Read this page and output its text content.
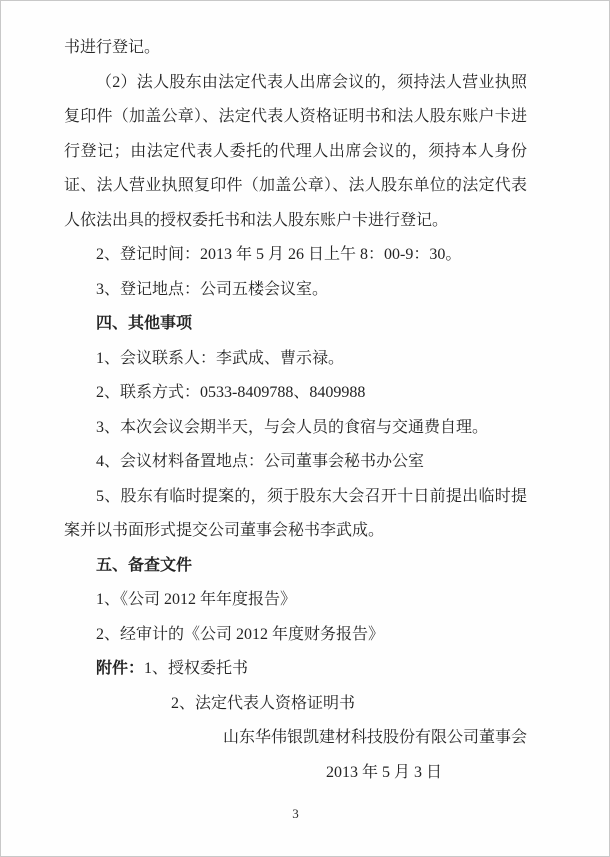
书进行登记。

（2）法人股东由法定代表人出席会议的，须持法人营业执照复印件（加盖公章）、法定代表人资格证明书和法人股东账户卡进行登记；由法定代表人委托的代理人出席会议的，须持本人身份证、法人营业执照复印件（加盖公章）、法人股东单位的法定代表人依法出具的授权委托书和法人股东账户卡进行登记。

2、登记时间：2013 年 5 月 26 日上午 8：00-9：30。

3、登记地点：公司五楼会议室。

四、其他事项

1、会议联系人：李武成、曹示禄。

2、联系方式：0533-8409788、8409988

3、本次会议会期半天，与会人员的食宿与交通费自理。

4、会议材料备置地点：公司董事会秘书办公室

5、股东有临时提案的，须于股东大会召开十日前提出临时提案并以书面形式提交公司董事会秘书李武成。

五、备查文件

1、《公司 2012 年年度报告》

2、经审计的《公司 2012 年度财务报告》

附件：1、授权委托书

2、法定代表人资格证明书

山东华伟银凯建材科技股份有限公司董事会

2013 年 5 月 3 日

3
